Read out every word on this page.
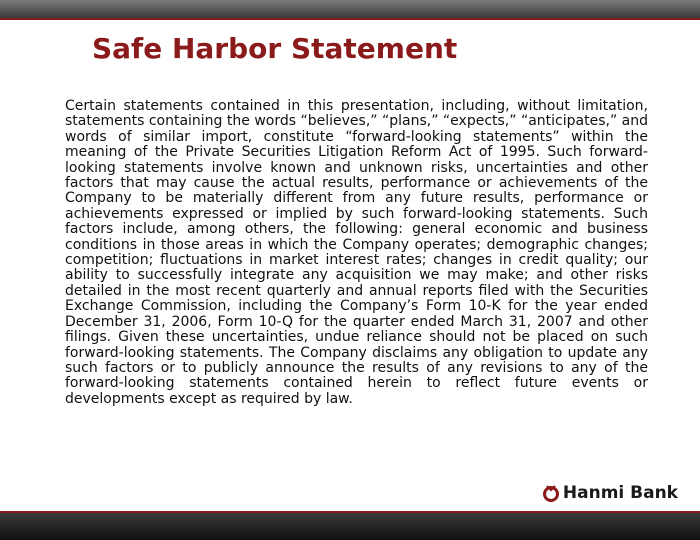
Safe Harbor Statement

Certain statements contained in this presentation, including, without limitation, statements containing the words “believes,” “plans,” “expects,” “anticipates,” and words of similar import, constitute “forward-looking statements” within the meaning of the Private Securities Litigation Reform Act of 1995. Such forward-looking statements involve known and unknown risks, uncertainties and other factors that may cause the actual results, performance or achievements of the Company to be materially different from any future results, performance or achievements expressed or implied by such forward-looking statements. Such factors include, among others, the following: general economic and business conditions in those areas in which the Company operates; demographic changes; competition; fluctuations in market interest rates; changes in credit quality; our ability to successfully integrate any acquisition we may make; and other risks detailed in the most recent quarterly and annual reports filed with the Securities Exchange Commission, including the Company’s Form 10-K for the year ended December 31, 2006, Form 10-Q for the quarter ended March 31, 2007 and other filings. Given these uncertainties, undue reliance should not be placed on such forward-looking statements. The Company disclaims any obligation to update any such factors or to publicly announce the results of any revisions to any of the forward-looking statements contained herein to reflect future events or developments except as required by law.

Hanmi Bank
